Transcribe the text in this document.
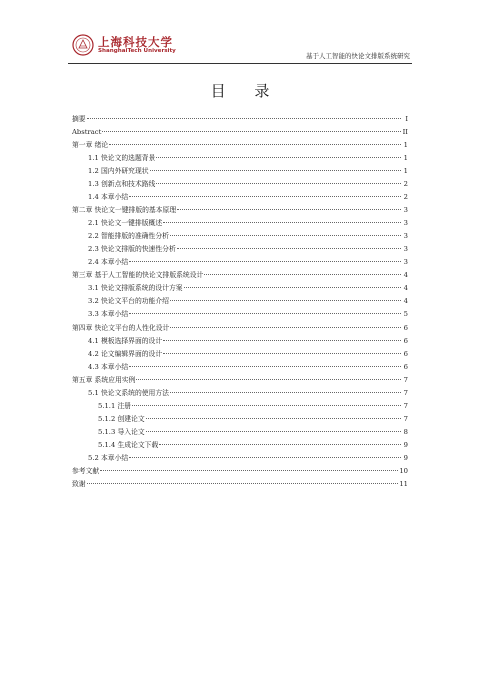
上海科技大学
ShanghaiTech University
基于人工智能的快论文排版系统研究
目 录
摘要	I
Abstract	II
第一章 绪论	1
1.1 快论文的选题背景	1
1.2 国内外研究现状	1
1.3 创新点和技术路线	2
1.4 本章小结	2
第二章 快论文一键排版的基本原理	3
2.1 快论文一键排版概述	3
2.2 智能排版的准确性分析	3
2.3 快论文排版的快速性分析	3
2.4 本章小结	3
第三章 基于人工智能的快论文排版系统设计	4
3.1 快论文排版系统的设计方案	4
3.2 快论文平台的功能介绍	4
3.3 本章小结	5
第四章 快论文平台的人性化设计	6
4.1 模板选择界面的设计	6
4.2 论文编辑界面的设计	6
4.3 本章小结	6
第五章 系统应用实例	7
5.1 快论文系统的使用方法	7
5.1.1 注册	7
5.1.2 创建论文	7
5.1.3 导入论文	8
5.1.4 生成论文下载	9
5.2 本章小结	9
参考文献	10
致谢	11
